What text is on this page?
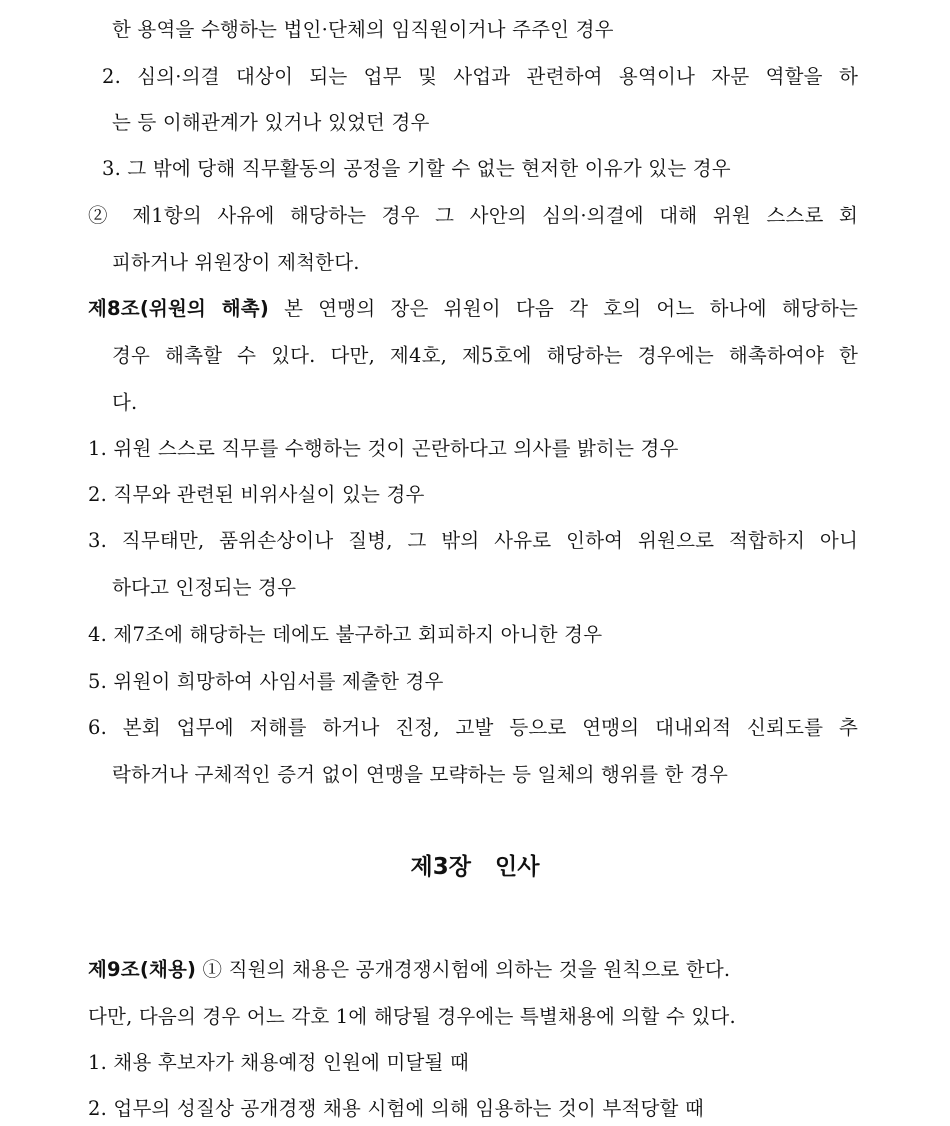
한 용역을 수행하는 법인·단체의 임직원이거나 주주인 경우
2. 심의·의결 대상이 되는 업무 및 사업과 관련하여 용역이나 자문 역할을 하
는 등 이해관계가 있거나 있었던 경우
3. 그 밖에 당해 직무활동의 공정을 기할 수 없는 현저한 이유가 있는 경우
② 제1항의 사유에 해당하는 경우 그 사안의 심의·의결에 대해 위원 스스로 회
피하거나 위원장이 제척한다.
제8조(위원의 해촉) 본 연맹의 장은 위원이 다음 각 호의 어느 하나에 해당하는
경우 해촉할 수 있다. 다만, 제4호, 제5호에 해당하는 경우에는 해촉하여야 한
다.
1. 위원 스스로 직무를 수행하는 것이 곤란하다고 의사를 밝히는 경우
2. 직무와 관련된 비위사실이 있는 경우
3. 직무태만, 품위손상이나 질병, 그 밖의 사유로 인하여 위원으로 적합하지 아니
하다고 인정되는 경우
4. 제7조에 해당하는 데에도 불구하고 회피하지 아니한 경우
5. 위원이 희망하여 사임서를 제출한 경우
6. 본회 업무에 저해를 하거나 진정, 고발 등으로 연맹의 대내외적 신뢰도를 추
락하거나 구체적인 증거 없이 연맹을 모략하는 등 일체의 행위를 한 경우
제3장   인사
제9조(채용) ① 직원의 채용은 공개경쟁시험에 의하는 것을 원칙으로 한다.
다만, 다음의 경우 어느 각호 1에 해당될 경우에는 특별채용에 의할 수 있다.
1. 채용 후보자가 채용예정 인원에 미달될 때
2. 업무의 성질상 공개경쟁 채용 시험에 의해 임용하는 것이 부적당할 때
